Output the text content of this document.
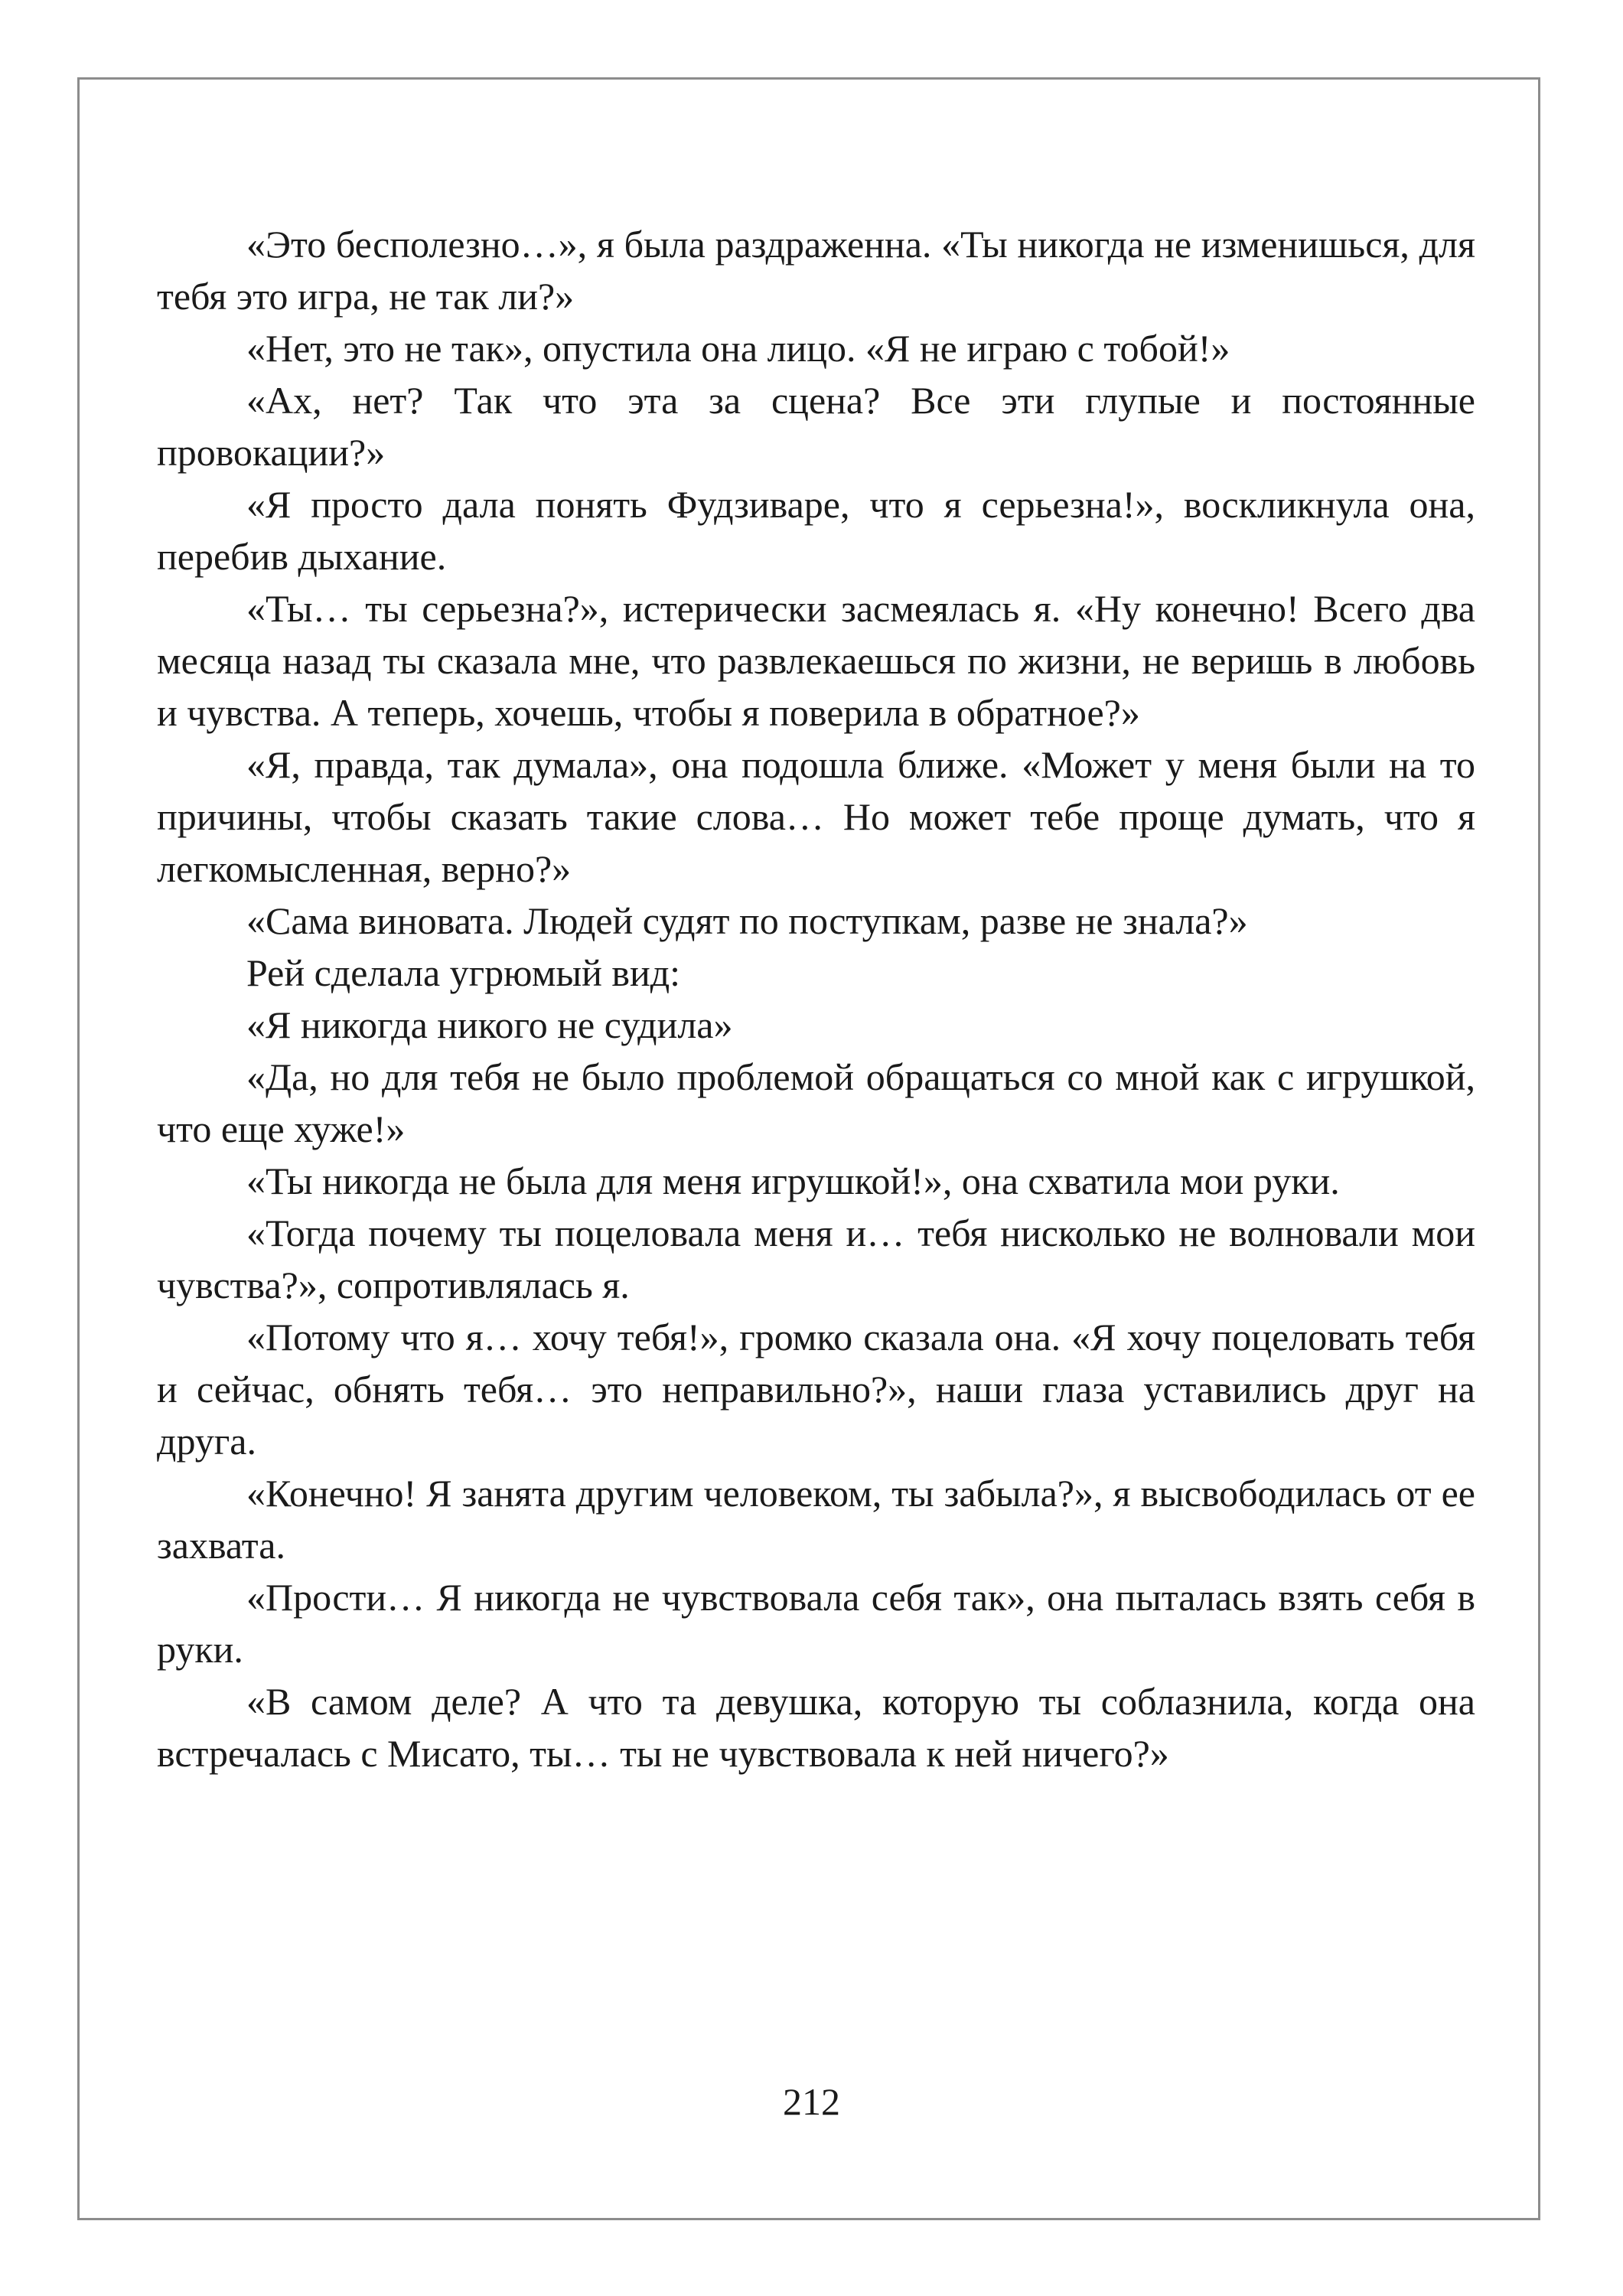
«Это бесполезно…», я была раздраженна. «Ты никогда не изменишься, для тебя это игра, не так ли?»

«Нет, это не так», опустила она лицо. «Я не играю с тобой!»

«Ах, нет? Так что эта за сцена? Все эти глупые и постоянные провокации?»

«Я просто дала понять Фудзиваре, что я серьезна!», воскликнула она, перебив дыхание.

«Ты… ты серьезна?», истерически засмеялась я. «Ну конечно! Всего два месяца назад ты сказала мне, что развлекаешься по жизни, не веришь в любовь и чувства. А теперь, хочешь, чтобы я поверила в обратное?»

«Я, правда, так думала», она подошла ближе. «Может у меня были на то причины, чтобы сказать такие слова… Но может тебе проще думать, что я легкомысленная, верно?»

«Сама виновата. Людей судят по поступкам, разве не знала?»

Рей сделала угрюмый вид:

«Я никогда никого не судила»

«Да, но для тебя не было проблемой обращаться со мной как с игрушкой, что еще хуже!»

«Ты никогда не была для меня игрушкой!», она схватила мои руки.

«Тогда почему ты поцеловала меня и… тебя нисколько не волновали мои чувства?», сопротивлялась я.

«Потому что я… хочу тебя!», громко сказала она. «Я хочу поцеловать тебя и сейчас, обнять тебя… это неправильно?», наши глаза уставились друг на друга.

«Конечно! Я занята другим человеком, ты забыла?», я высвободилась от ее захвата.

«Прости… Я никогда не чувствовала себя так», она пыталась взять себя в руки.

«В самом деле? А что та девушка, которую ты соблазнила, когда она встречалась с Мисато, ты… ты не чувствовала к ней ничего?»

212
